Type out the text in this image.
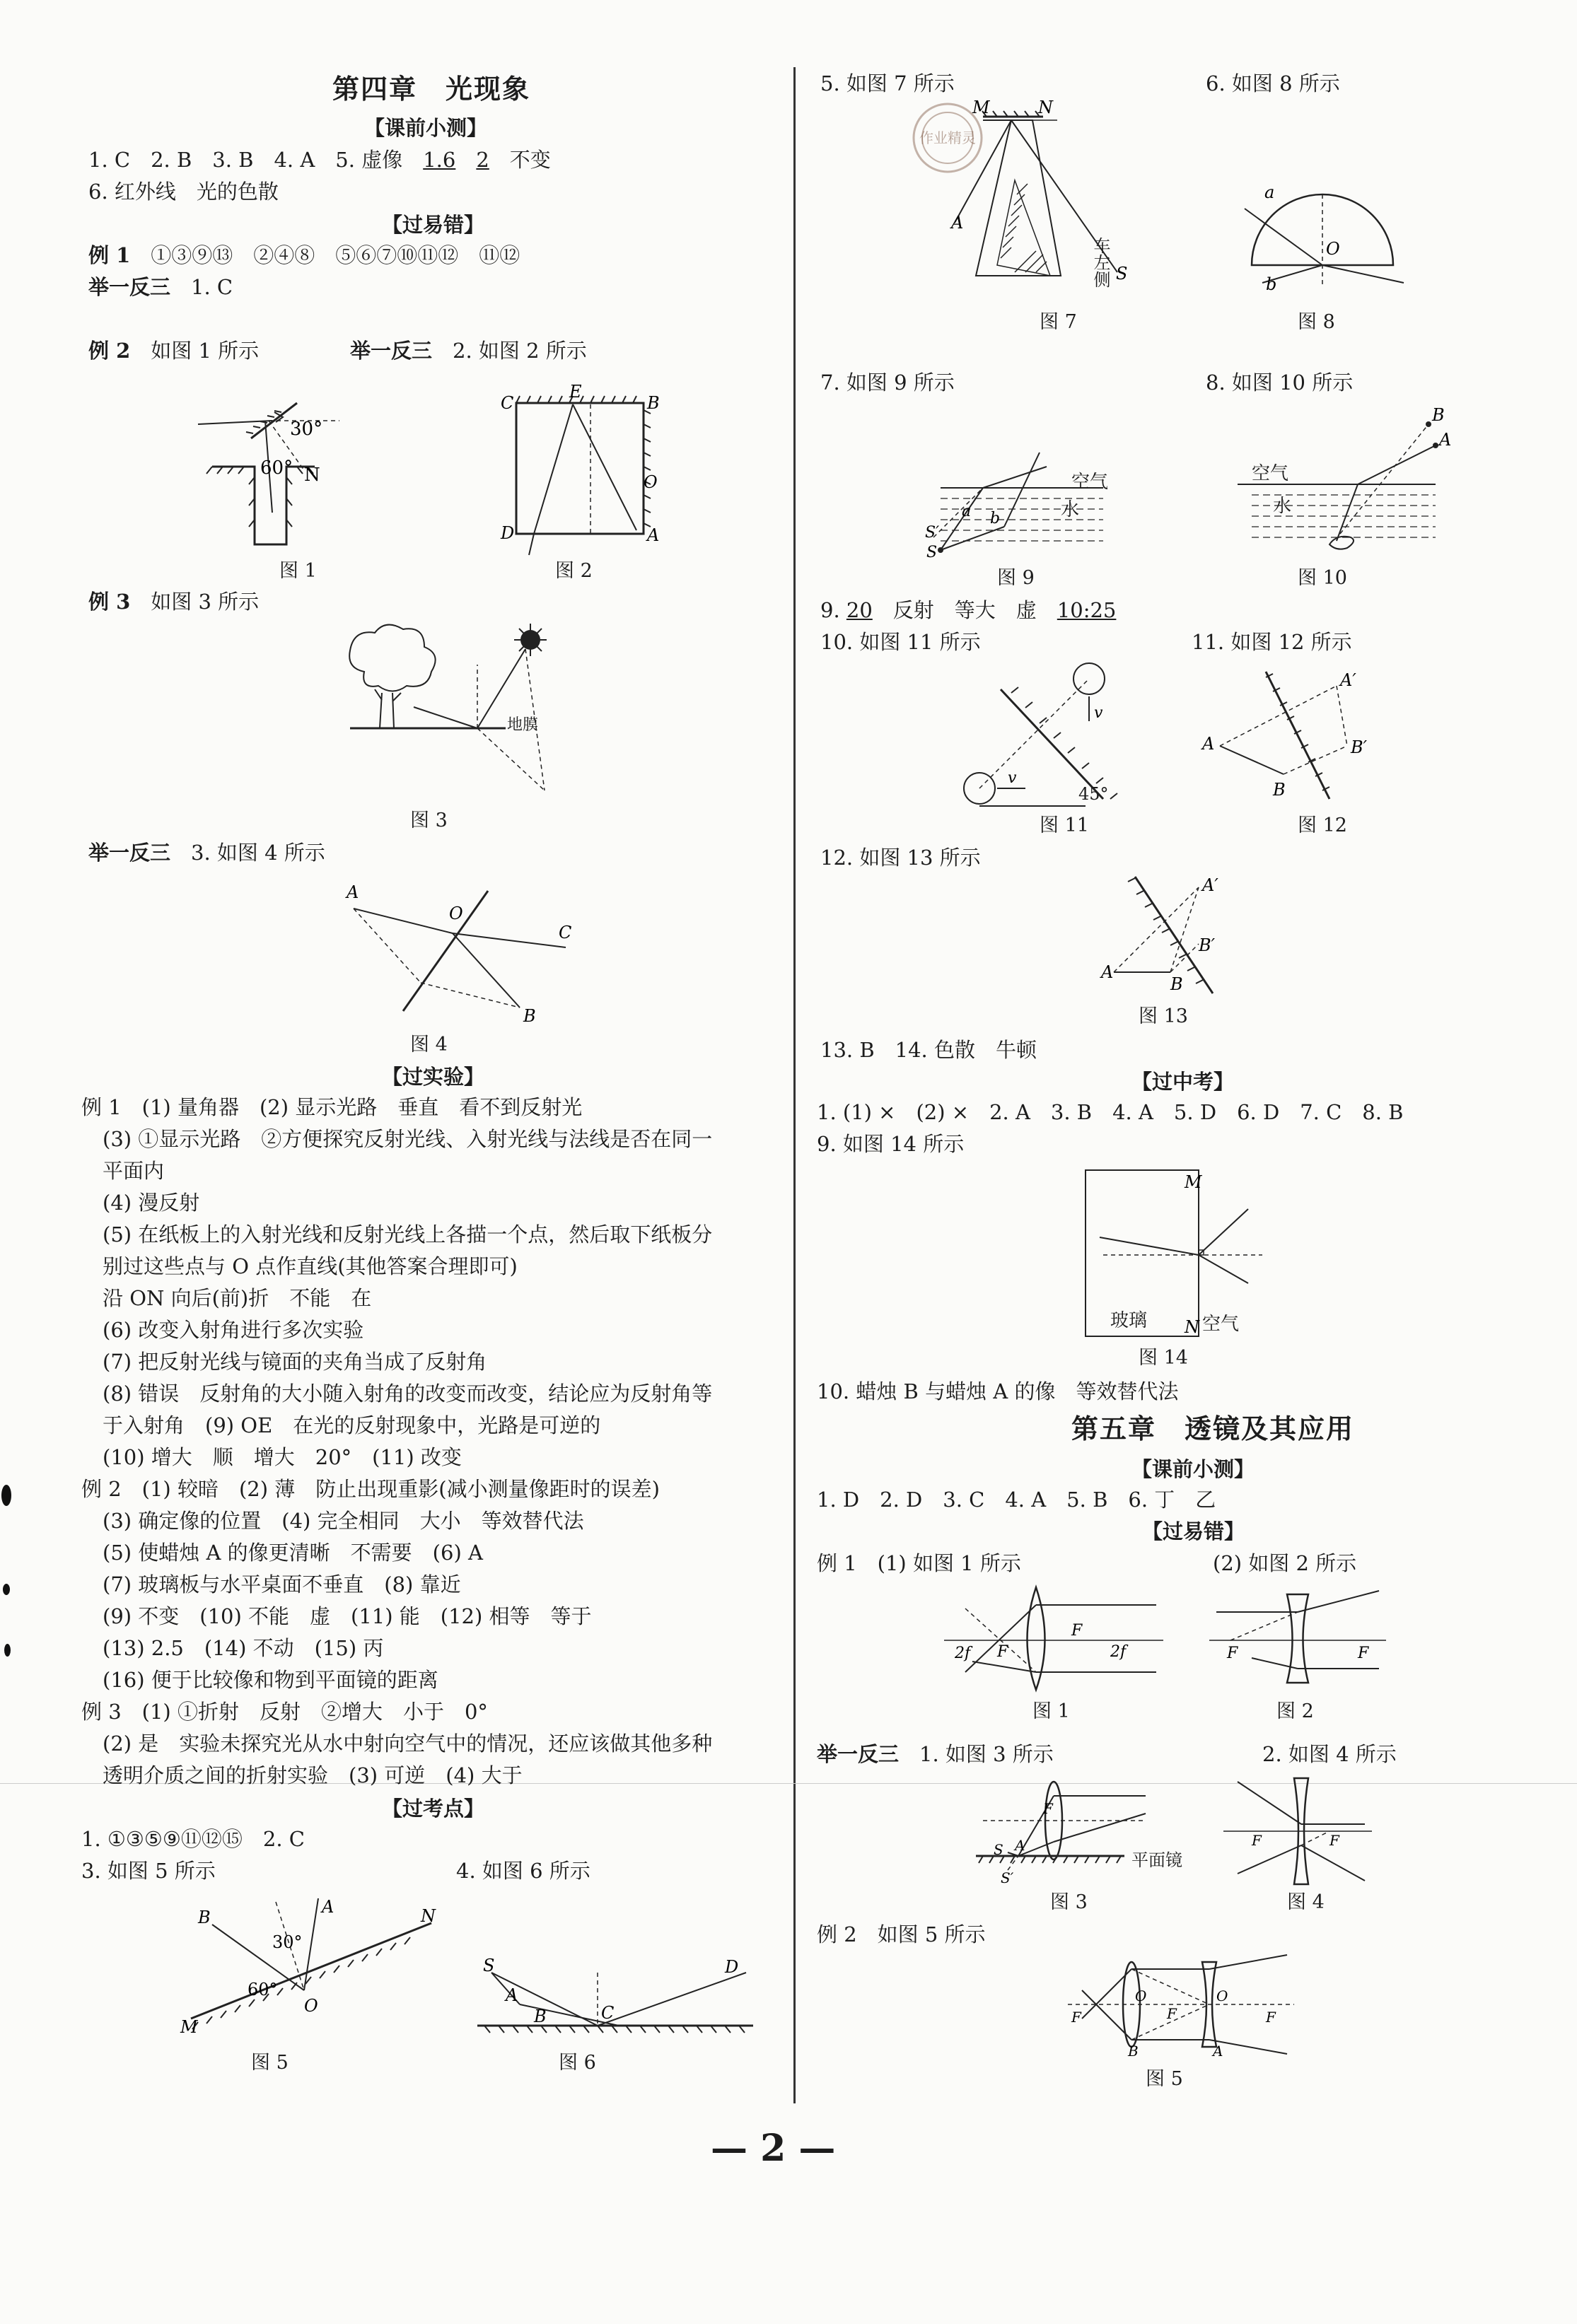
第四章　光现象
【课前小测】
1. C　2. B　3. B　4. A　5. 虚像　1.6　 2　不变
6. 红外线　光的色散
【过易错】
例 1　 ①③⑨⑬　②④⑧　⑤⑥⑦⑩⑪⑫　⑪⑫
举一反三　 1. C
例 2　 如图 1 所示	举一反三　 2. 如图 2 所示
30°
60° N
图 1
C
E
B
D	A
O
图 2
例 3　 如图 3 所示
地膜
图 3
举一反三　 3. 如图 4 所示
A
O
C
B
图 4
【过实验】
例 1　(1) 量角器　(2) 显示光路　垂直　看不到反射光
(3) ①显示光路　②方便探究反射光线、入射光线与法线是否在同一
平面内
(4) 漫反射
(5) 在纸板上的入射光线和反射光线上各描一个点，然后取下纸板分
别过这些点与 O 点作直线(其他答案合理即可)
沿 ON 向后(前)折　不能　在
(6) 改变入射角进行多次实验
(7) 把反射光线与镜面的夹角当成了反射角
(8) 错误　反射角的大小随入射角的改变而改变，结论应为反射角等
于入射角　(9) OE　在光的反射现象中，光路是可逆的
(10) 增大　顺　增大　20°　(11) 改变
例 2　(1) 较暗　(2) 薄　防止出现重影(减小测量像距时的误差)
(3) 确定像的位置　(4) 完全相同　大小　等效替代法
(5) 使蜡烛 A 的像更清晰　不需要　(6) A
(7) 玻璃板与水平桌面不垂直　(8) 靠近
(9) 不变　(10) 不能　虚　(11) 能　(12) 相等　等于
(13) 2.5　(14) 不动　(15) 丙
(16) 便于比较像和物到平面镜的距离
例 3　(1) ①折射　反射　②增大　小于　0°
(2) 是　实验未探究光从水中射向空气中的情况，还应该做其他多种
透明介质之间的折射实验　(3) 可逆　(4) 大于
【过考点】
1. ①③⑤⑨⑪⑫⑮　2. C
3. 如图 5 所示	4. 如图 6 所示
30°
60°
A
B	N
M
O
图 5
S
A
B	C
D
图 6
5. 如图 7 所示	6. 如图 8 所示
作业精灵
M	N
A
S
车左侧
图 7
a
O
b
图 8
7. 如图 9 所示	8. 如图 10 所示
S′
S
b
a
空气
水
图 9
B
A
空气
水
图 10
9. 20　反射　等大　虚　10:25
10. 如图 11 所示	11. 如图 12 所示
v
v
45°
图 11
A
A′
B′
B
图 12
12. 如图 13 所示
A
A′
B′
B
图 13
13. B　14. 色散　牛顿
【过中考】
1. (1) ×　(2) ×　2. A　3. B　4. A　5. D　6. D　7. C　8. B
9. 如图 14 所示
M
N
玻璃	空气
图 14
10. 蜡烛 B 与蜡烛 A 的像　等效替代法
第五章　透镜及其应用
【课前小测】
1. D　2. D　3. C　4. A　5. B　6. 丁　乙
【过易错】
例 1　(1) 如图 1 所示	(2) 如图 2 所示
2f F
F
2f
图 1
F	F
图 2
举一反三　 1. 如图 3 所示	2. 如图 4 所示
F
S
S′
A
平面镜
图 3
F	F
图 4
例 2　如图 5 所示
F
O
F
O
F
B	A
图 5
— 2 —
